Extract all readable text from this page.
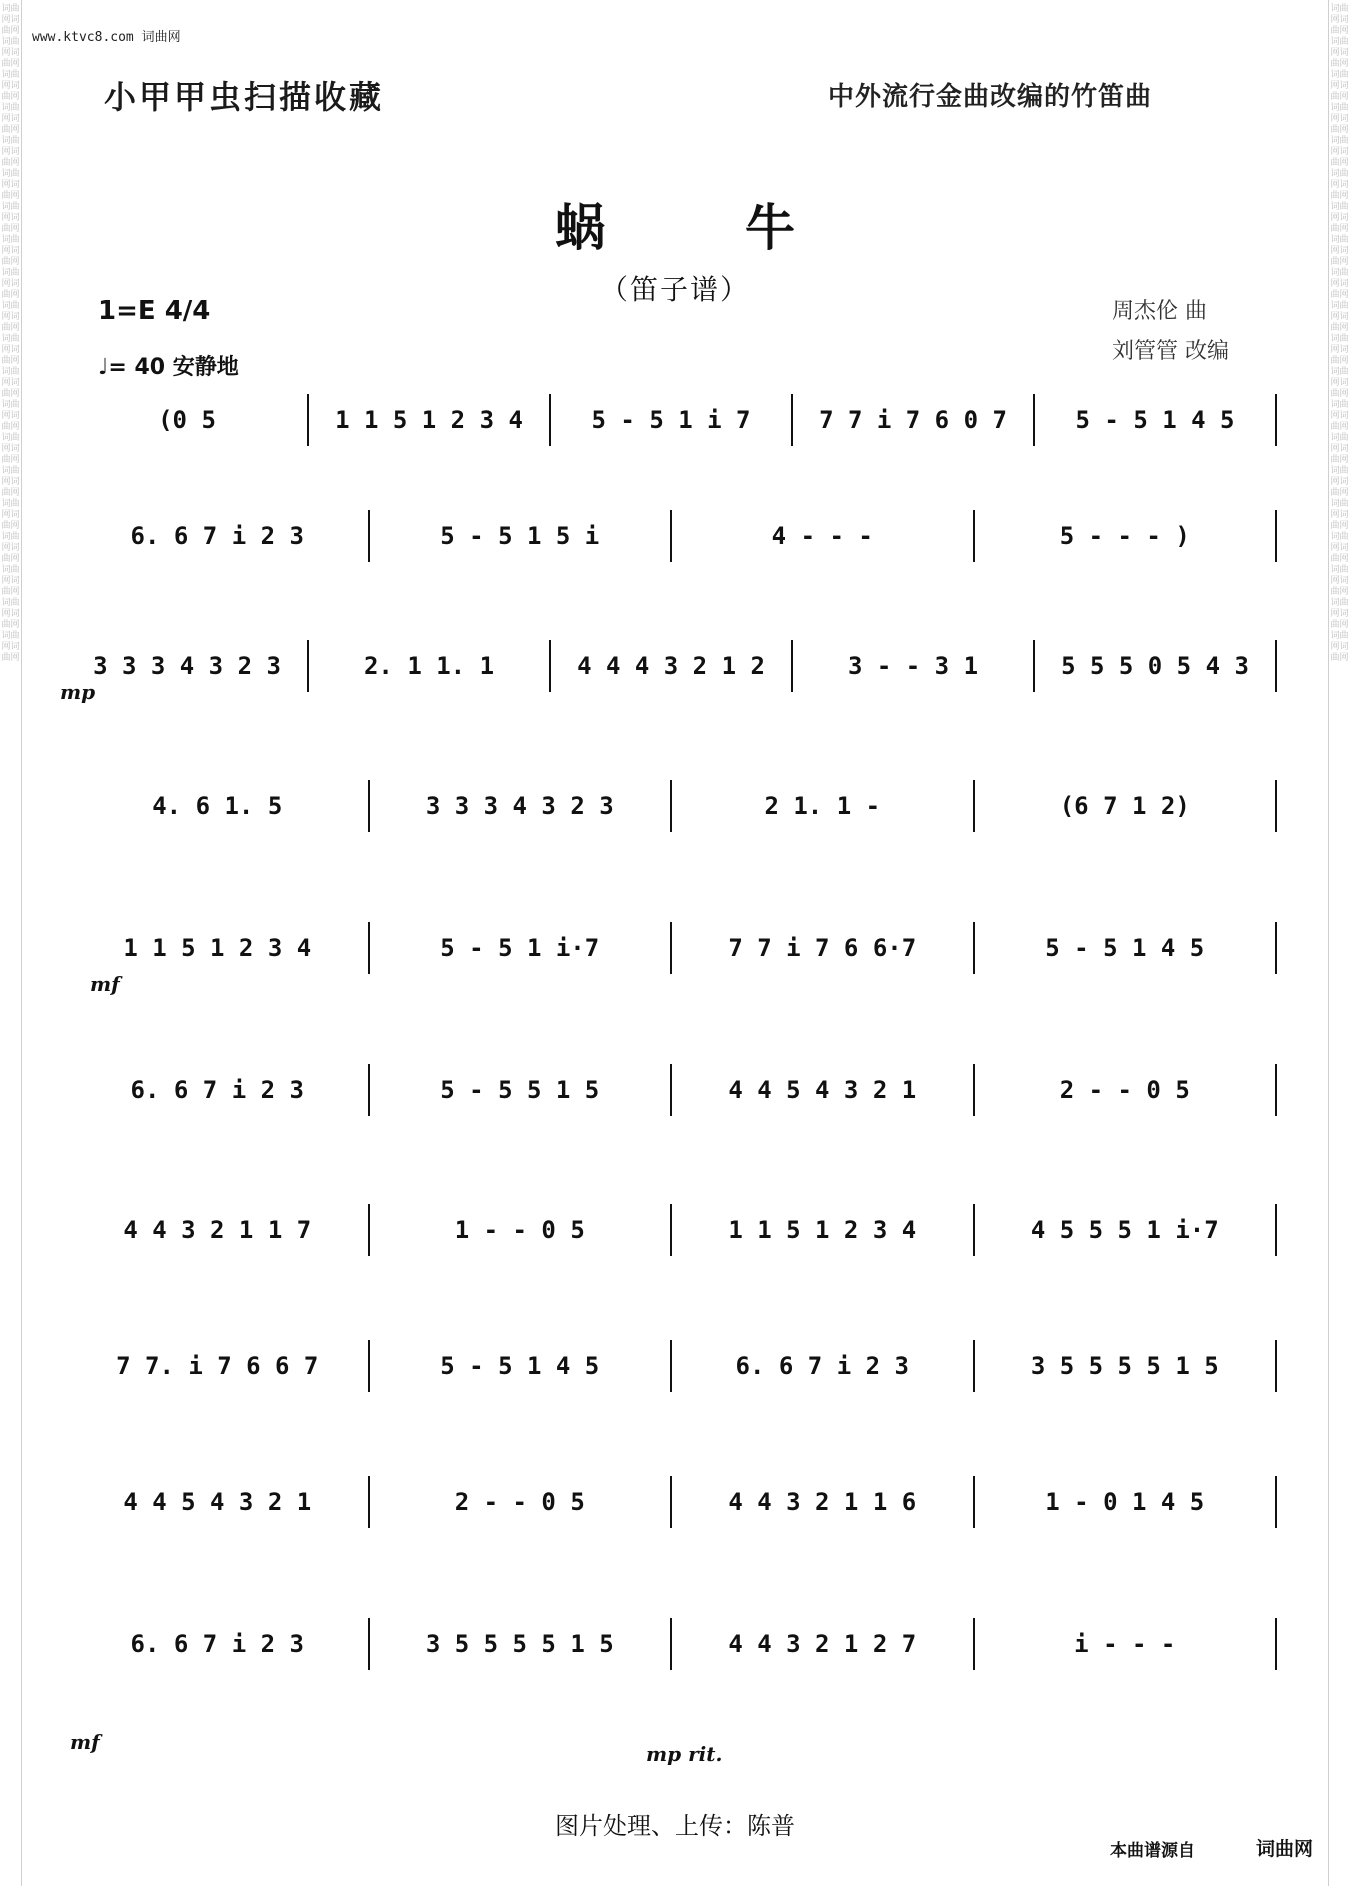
词曲网词曲网词曲网词曲网词曲网词曲网词曲网词曲网词曲网词曲网词曲网词曲网词曲网词曲网词曲网词曲网词曲网词曲网词曲网词曲网词曲网词曲网词曲网词曲网词曲网词曲网词曲网词曲网词曲网词曲网词曲网词曲网词曲网词曲网词曲网词曲网词曲网词曲网词曲网词曲网
词曲网词曲网词曲网词曲网词曲网词曲网词曲网词曲网词曲网词曲网词曲网词曲网词曲网词曲网词曲网词曲网词曲网词曲网词曲网词曲网词曲网词曲网词曲网词曲网词曲网词曲网词曲网词曲网词曲网词曲网词曲网词曲网词曲网词曲网词曲网词曲网词曲网词曲网词曲网词曲网
www.ktvc8.com 词曲网
小甲甲虫扫描收藏	中外流行金曲改编的竹笛曲
蜗牛
（笛子谱）
1=E 4/4
♩= 40 安静地
周杰伦 曲
刘管管 改编
(0 5	1 1 5 1 2 3 4	5 - 5 1 i 7	7 7 i 7 6 0 7	5 - 5 1 4 5
6. 6 7 i 2 3	5 - 5 1 5 i	4 - - -	5 - - - )
3 3 3 4 3 2 3	2. 1 1. 1	4 4 4 3 2 1 2	3 - - 3 1	5 5 5 0 5 4 3
4. 6 1. 5	3 3 3 4 3 2 3	2 1. 1 -	(6 7 1 2)
1 1 5 1 2 3 4	5 - 5 1 i·7	7 7 i 7 6 6·7	5 - 5 1 4 5
6. 6 7 i 2 3	5 - 5 5 1 5	4 4 5 4 3 2 1	2 - - 0 5
4 4 3 2 1 1 7	1 - - 0 5	1 1 5 1 2 3 4	4 5 5 5 1 i·7
7 7. i 7 6 6 7	5 - 5 1 4 5	6. 6 7 i 2 3	3 5 5 5 5 1 5
4 4 5 4 3 2 1	2 - - 0 5	4 4 3 2 1 1 6	1 - 0 1 4 5
6. 6 7 i 2 3	3 5 5 5 5 1 5	4 4 3 2 1 2 7	i - - -
mp
mf
mf	mp rit.
图片处理、上传：陈普
本曲谱源自	词曲网
